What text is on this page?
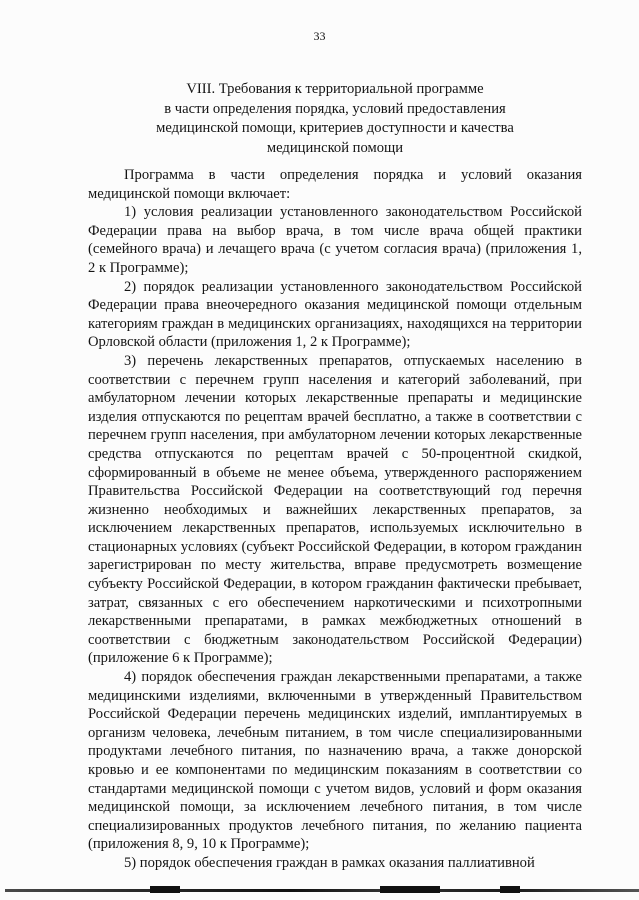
33
VIII. Требования к территориальной программе
в части определения порядка, условий предоставления
медицинской помощи, критериев доступности и качества
медицинской помощи

Программа в части определения порядка и условий оказания медицинской помощи включает:

1) условия реализации установленного законодательством Российской Федерации права на выбор врача, в том числе врача общей практики (семейного врача) и лечащего врача (с учетом согласия врача) (приложения 1, 2 к Программе);

2) порядок реализации установленного законодательством Российской Федерации права внеочередного оказания медицинской помощи отдельным категориям граждан в медицинских организациях, находящихся на территории Орловской области (приложения 1, 2 к Программе);

3) перечень лекарственных препаратов, отпускаемых населению в соответствии с перечнем групп населения и категорий заболеваний, при амбулаторном лечении которых лекарственные препараты и медицинские изделия отпускаются по рецептам врачей бесплатно, а также в соответствии с перечнем групп населения, при амбулаторном лечении которых лекарственные средства отпускаются по рецептам врачей с 50-процентной скидкой, сформированный в объеме не менее объема, утвержденного распоряжением Правительства Российской Федерации на соответствующий год перечня жизненно необходимых и важнейших лекарственных препаратов, за исключением лекарственных препаратов, используемых исключительно в стационарных условиях (субъект Российской Федерации, в котором гражданин зарегистрирован по месту жительства, вправе предусмотреть возмещение субъекту Российской Федерации, в котором гражданин фактически пребывает, затрат, связанных с его обеспечением наркотическими и психотропными лекарственными препаратами, в рамках межбюджетных отношений в соответствии с бюджетным законодательством Российской Федерации) (приложение 6 к Программе);

4) порядок обеспечения граждан лекарственными препаратами, а также медицинскими изделиями, включенными в утвержденный Правительством Российской Федерации перечень медицинских изделий, имплантируемых в организм человека, лечебным питанием, в том числе специализированными продуктами лечебного питания, по назначению врача, а также донорской кровью и ее компонентами по медицинским показаниям в соответствии со стандартами медицинской помощи с учетом видов, условий и форм оказания медицинской помощи, за исключением лечебного питания, в том числе специализированных продуктов лечебного питания, по желанию пациента (приложения 8, 9, 10 к Программе);

5) порядок обеспечения граждан в рамках оказания паллиативной
